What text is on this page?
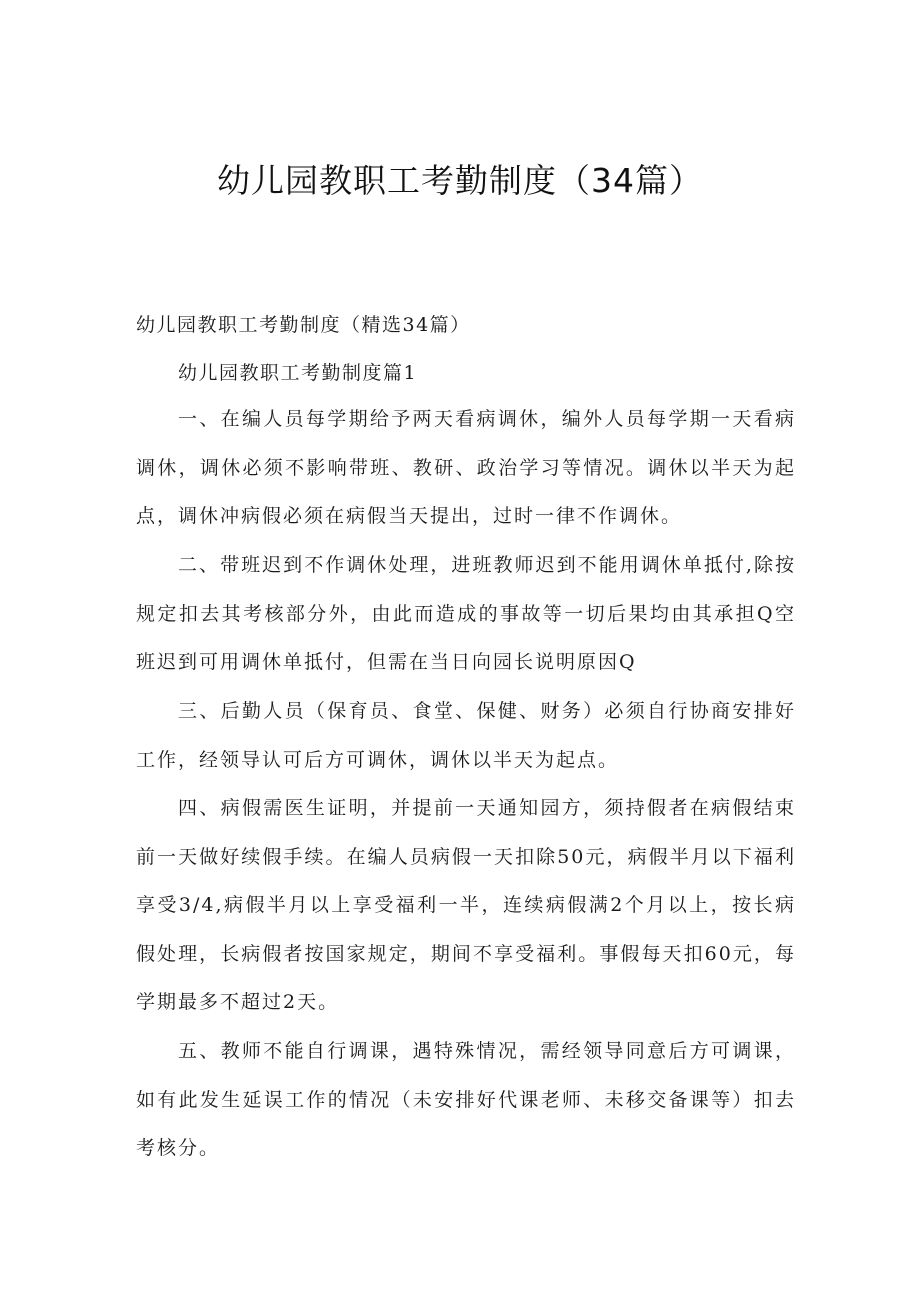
幼儿园教职工考勤制度（34篇）

幼儿园教职工考勤制度（精选34篇）

幼儿园教职工考勤制度篇1

一、在编人员每学期给予两天看病调休，编外人员每学期一天看病调休，调休必须不影响带班、教研、政治学习等情况。调休以半天为起点，调休冲病假必须在病假当天提出，过时一律不作调休。

二、带班迟到不作调休处理，进班教师迟到不能用调休单抵付,除按规定扣去其考核部分外，由此而造成的事故等一切后果均由其承担Q空班迟到可用调休单抵付，但需在当日向园长说明原因Q

三、后勤人员（保育员、食堂、保健、财务）必须自行协商安排好工作，经领导认可后方可调休，调休以半天为起点。

四、病假需医生证明，并提前一天通知园方，须持假者在病假结束前一天做好续假手续。在编人员病假一天扣除50元，病假半月以下福利享受3/4,病假半月以上享受福利一半，连续病假满2个月以上，按长病假处理，长病假者按国家规定，期间不享受福利。事假每天扣60元，每学期最多不超过2天。

五、教师不能自行调课，遇特殊情况，需经领导同意后方可调课，如有此发生延误工作的情况（未安排好代课老师、未移交备课等）扣去考核分。
